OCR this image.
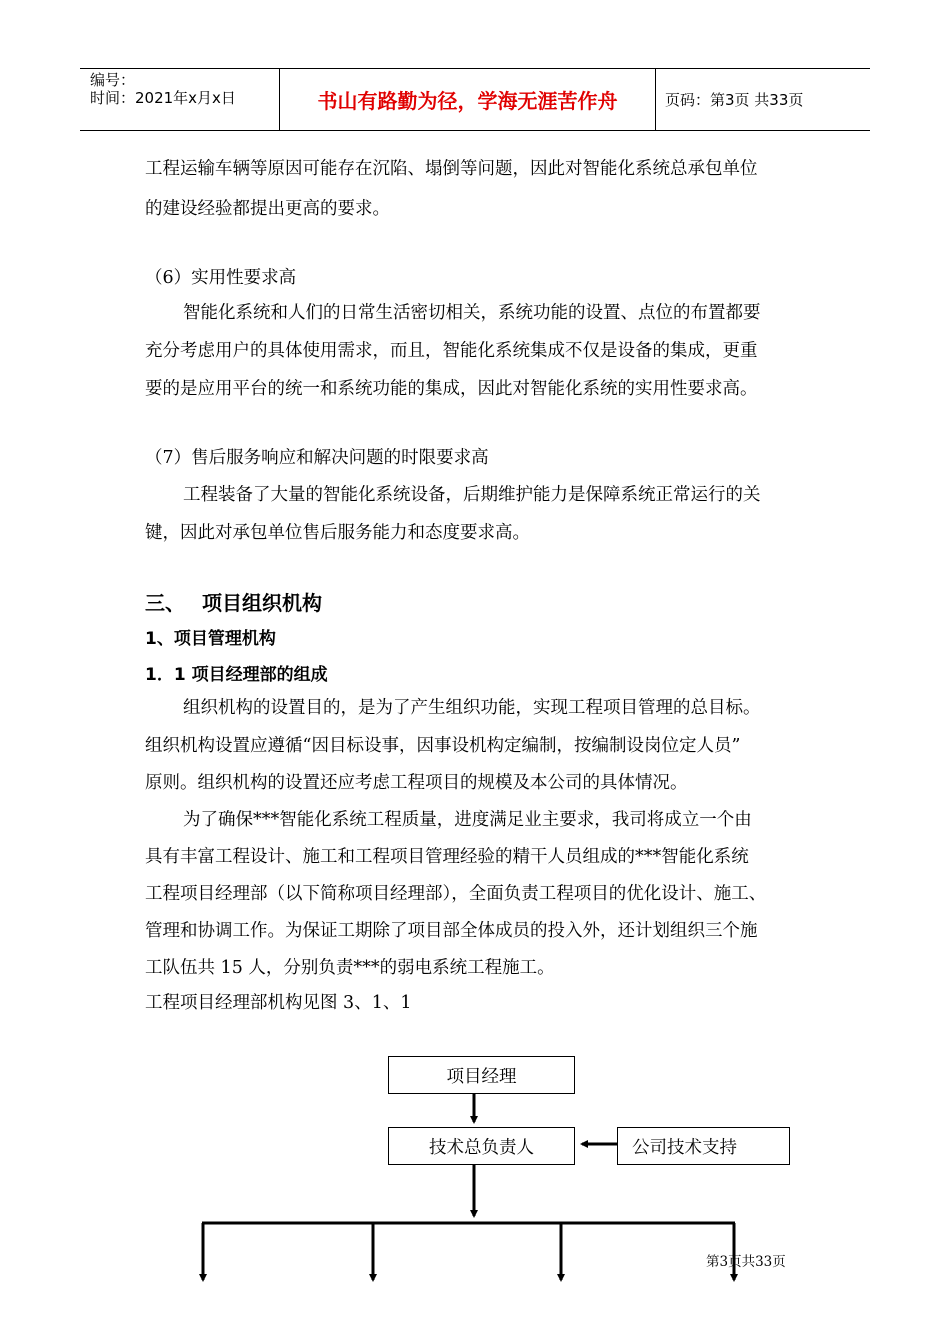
编号：
时间：2021年x月x日	书山有路勤为径，学海无涯苦作舟	页码：第3页 共33页
工程运输车辆等原因可能存在沉陷、塌倒等问题，因此对智能化系统总承包单位
的建设经验都提出更高的要求。
（6）实用性要求高
智能化系统和人们的日常生活密切相关，系统功能的设置、点位的布置都要
充分考虑用户的具体使用需求，而且，智能化系统集成不仅是设备的集成，更重
要的是应用平台的统一和系统功能的集成，因此对智能化系统的实用性要求高。
（7）售后服务响应和解决问题的时限要求高
工程装备了大量的智能化系统设备，后期维护能力是保障系统正常运行的关
键，因此对承包单位售后服务能力和态度要求高。
三、 项目组织机构
1、项目管理机构
1．1 项目经理部的组成
组织机构的设置目的，是为了产生组织功能，实现工程项目管理的总目标。
组织机构设置应遵循“因目标设事，因事设机构定编制，按编制设岗位定人员”
原则。组织机构的设置还应考虑工程项目的规模及本公司的具体情况。
为了确保***智能化系统工程质量，进度满足业主要求，我司将成立一个由
具有丰富工程设计、施工和工程项目管理经验的精干人员组成的***智能化系统
工程项目经理部（以下简称项目经理部），全面负责工程项目的优化设计、施工、
管理和协调工作。为保证工期除了项目部全体成员的投入外，还计划组织三个施
工队伍共 15 人，分别负责***的弱电系统工程施工。
工程项目经理部机构见图 3、1、1
项目经理
技术总负责人	公司技术支持
第3页共33页
